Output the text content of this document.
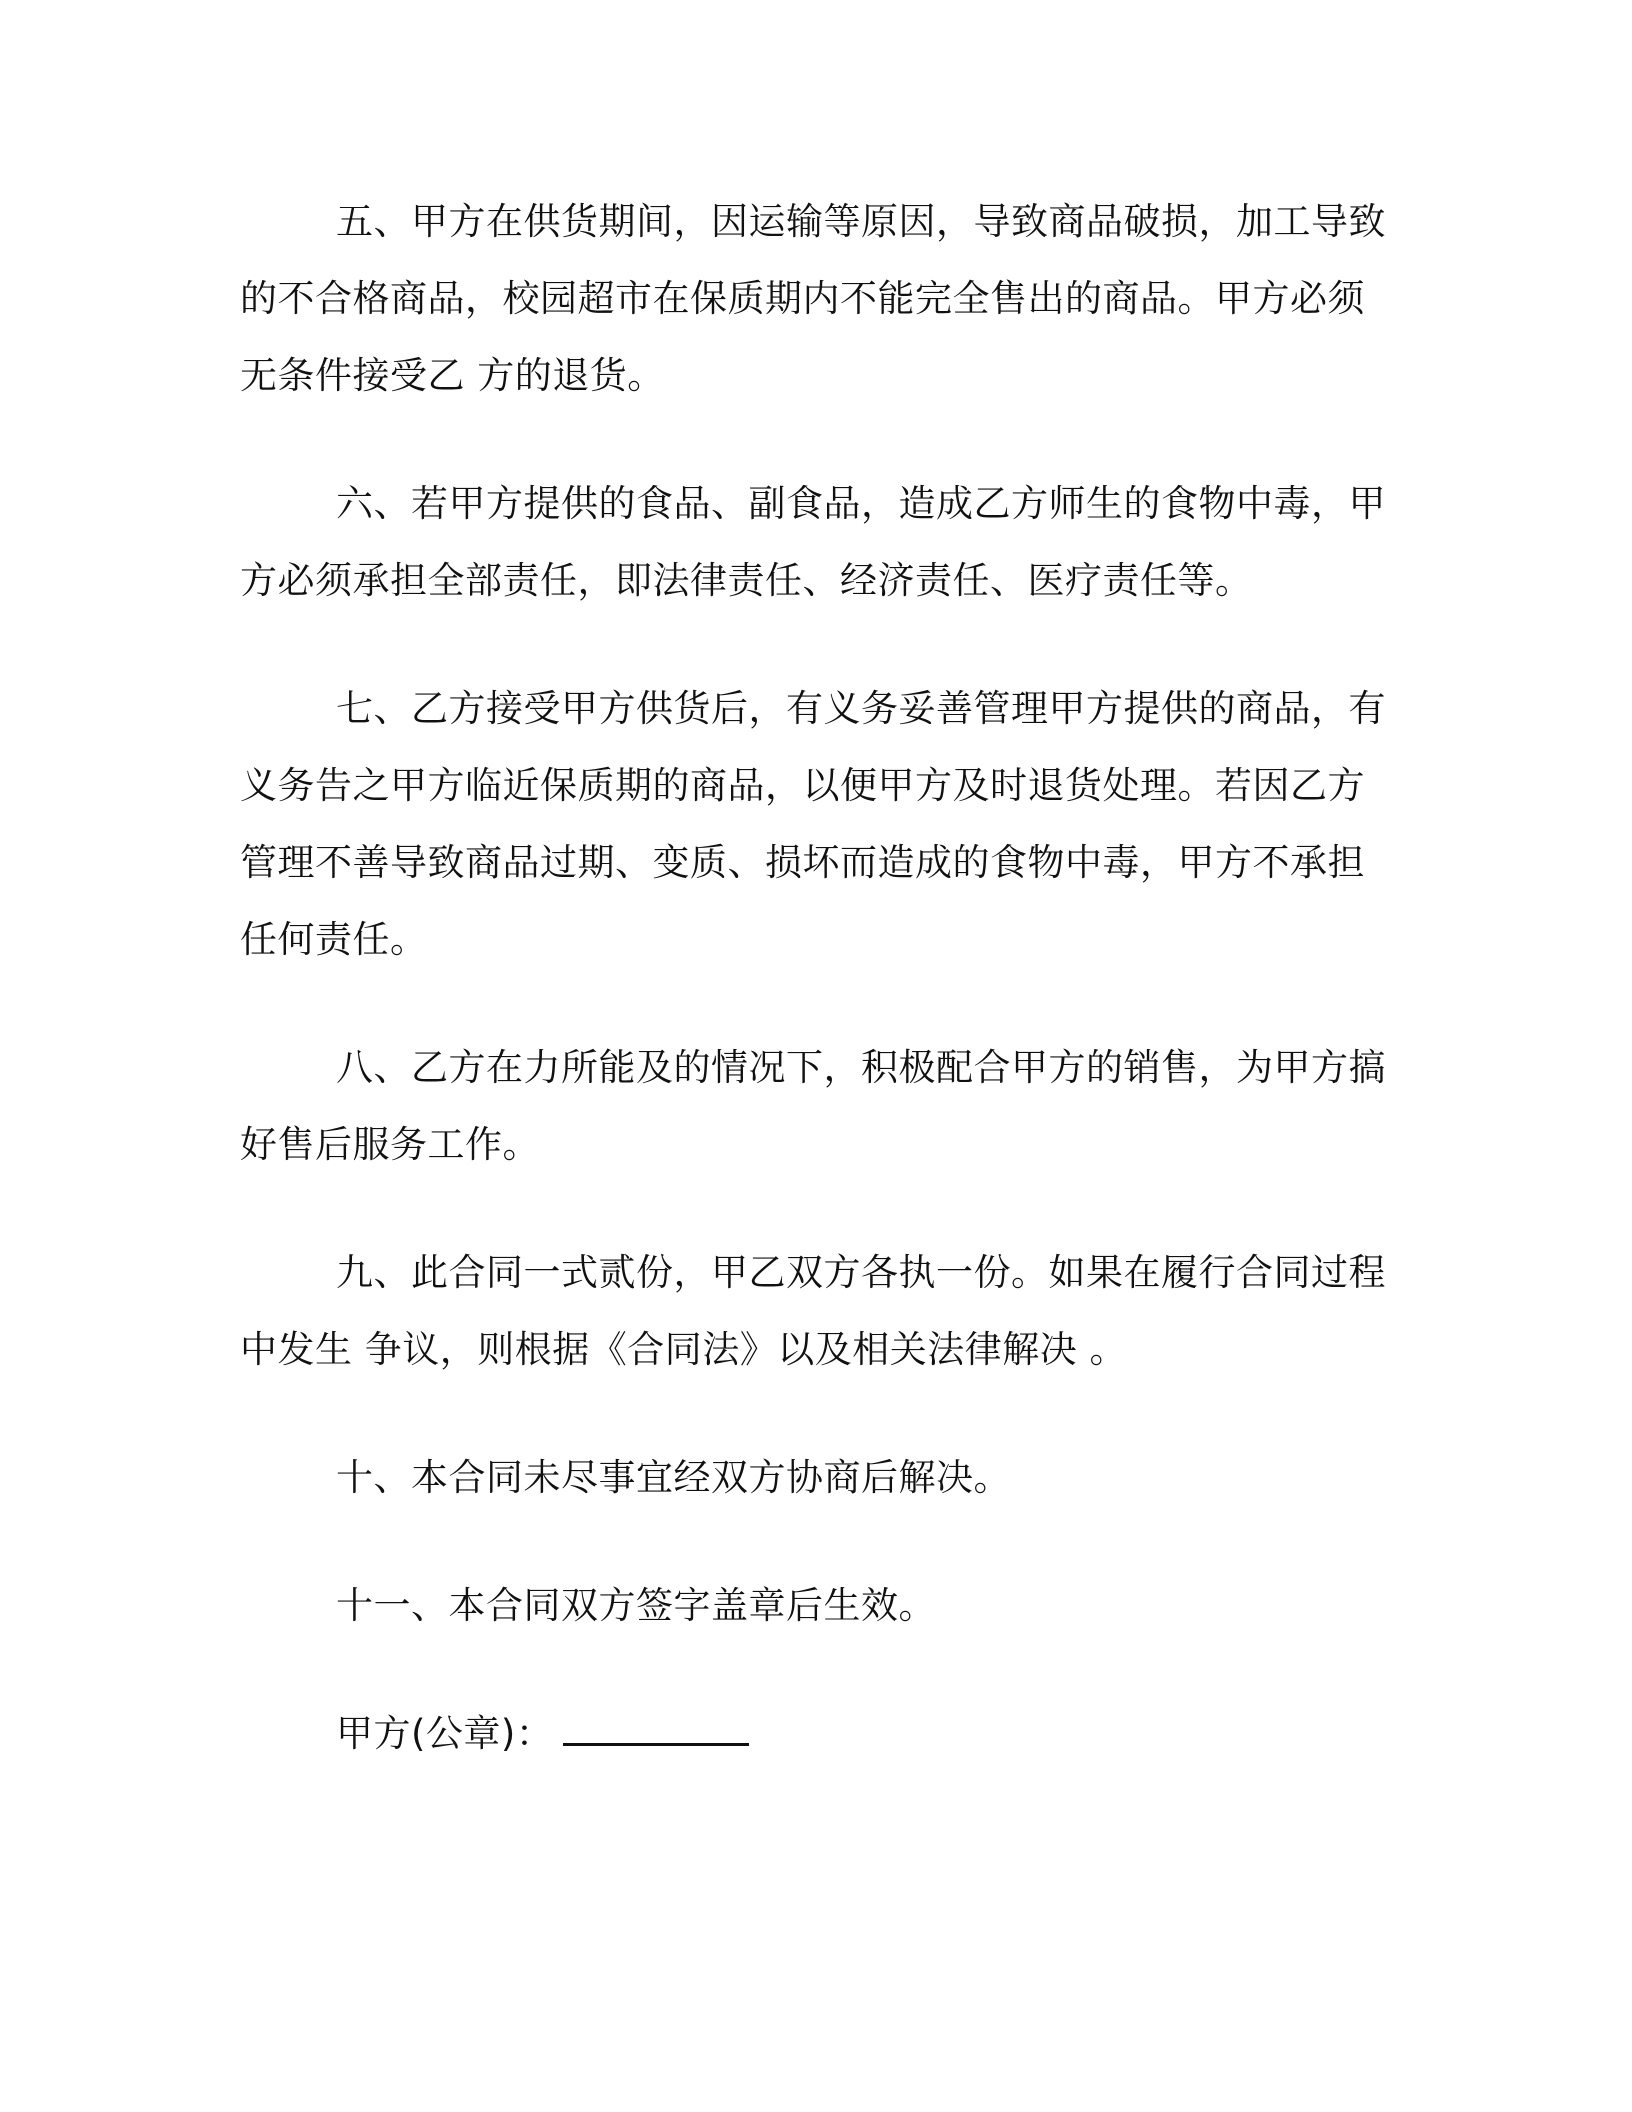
五、甲方在供货期间，因运输等原因，导致商品破损，加工导致的不合格商品，校园超市在保质期内不能完全售出的商品。甲方必须无条件接受乙 方的退货。

六、若甲方提供的食品、副食品，造成乙方师生的食物中毒，甲方必须承担全部责任，即法律责任、经济责任、医疗责任等。

七、乙方接受甲方供货后，有义务妥善管理甲方提供的商品，有义务告之甲方临近保质期的商品，以便甲方及时退货处理。若因乙方管理不善导致商品过期、变质、损坏而造成的食物中毒，甲方不承担任何责任。

八、乙方在力所能及的情况下，积极配合甲方的销售，为甲方搞好售后服务工作。

九、此合同一式贰份，甲乙双方各执一份。如果在履行合同过程中发生 争议，则根据《合同法》以及相关法律解决 。

十、本合同未尽事宜经双方协商后解决。

十一、本合同双方签字盖章后生效。

甲方(公章)：
